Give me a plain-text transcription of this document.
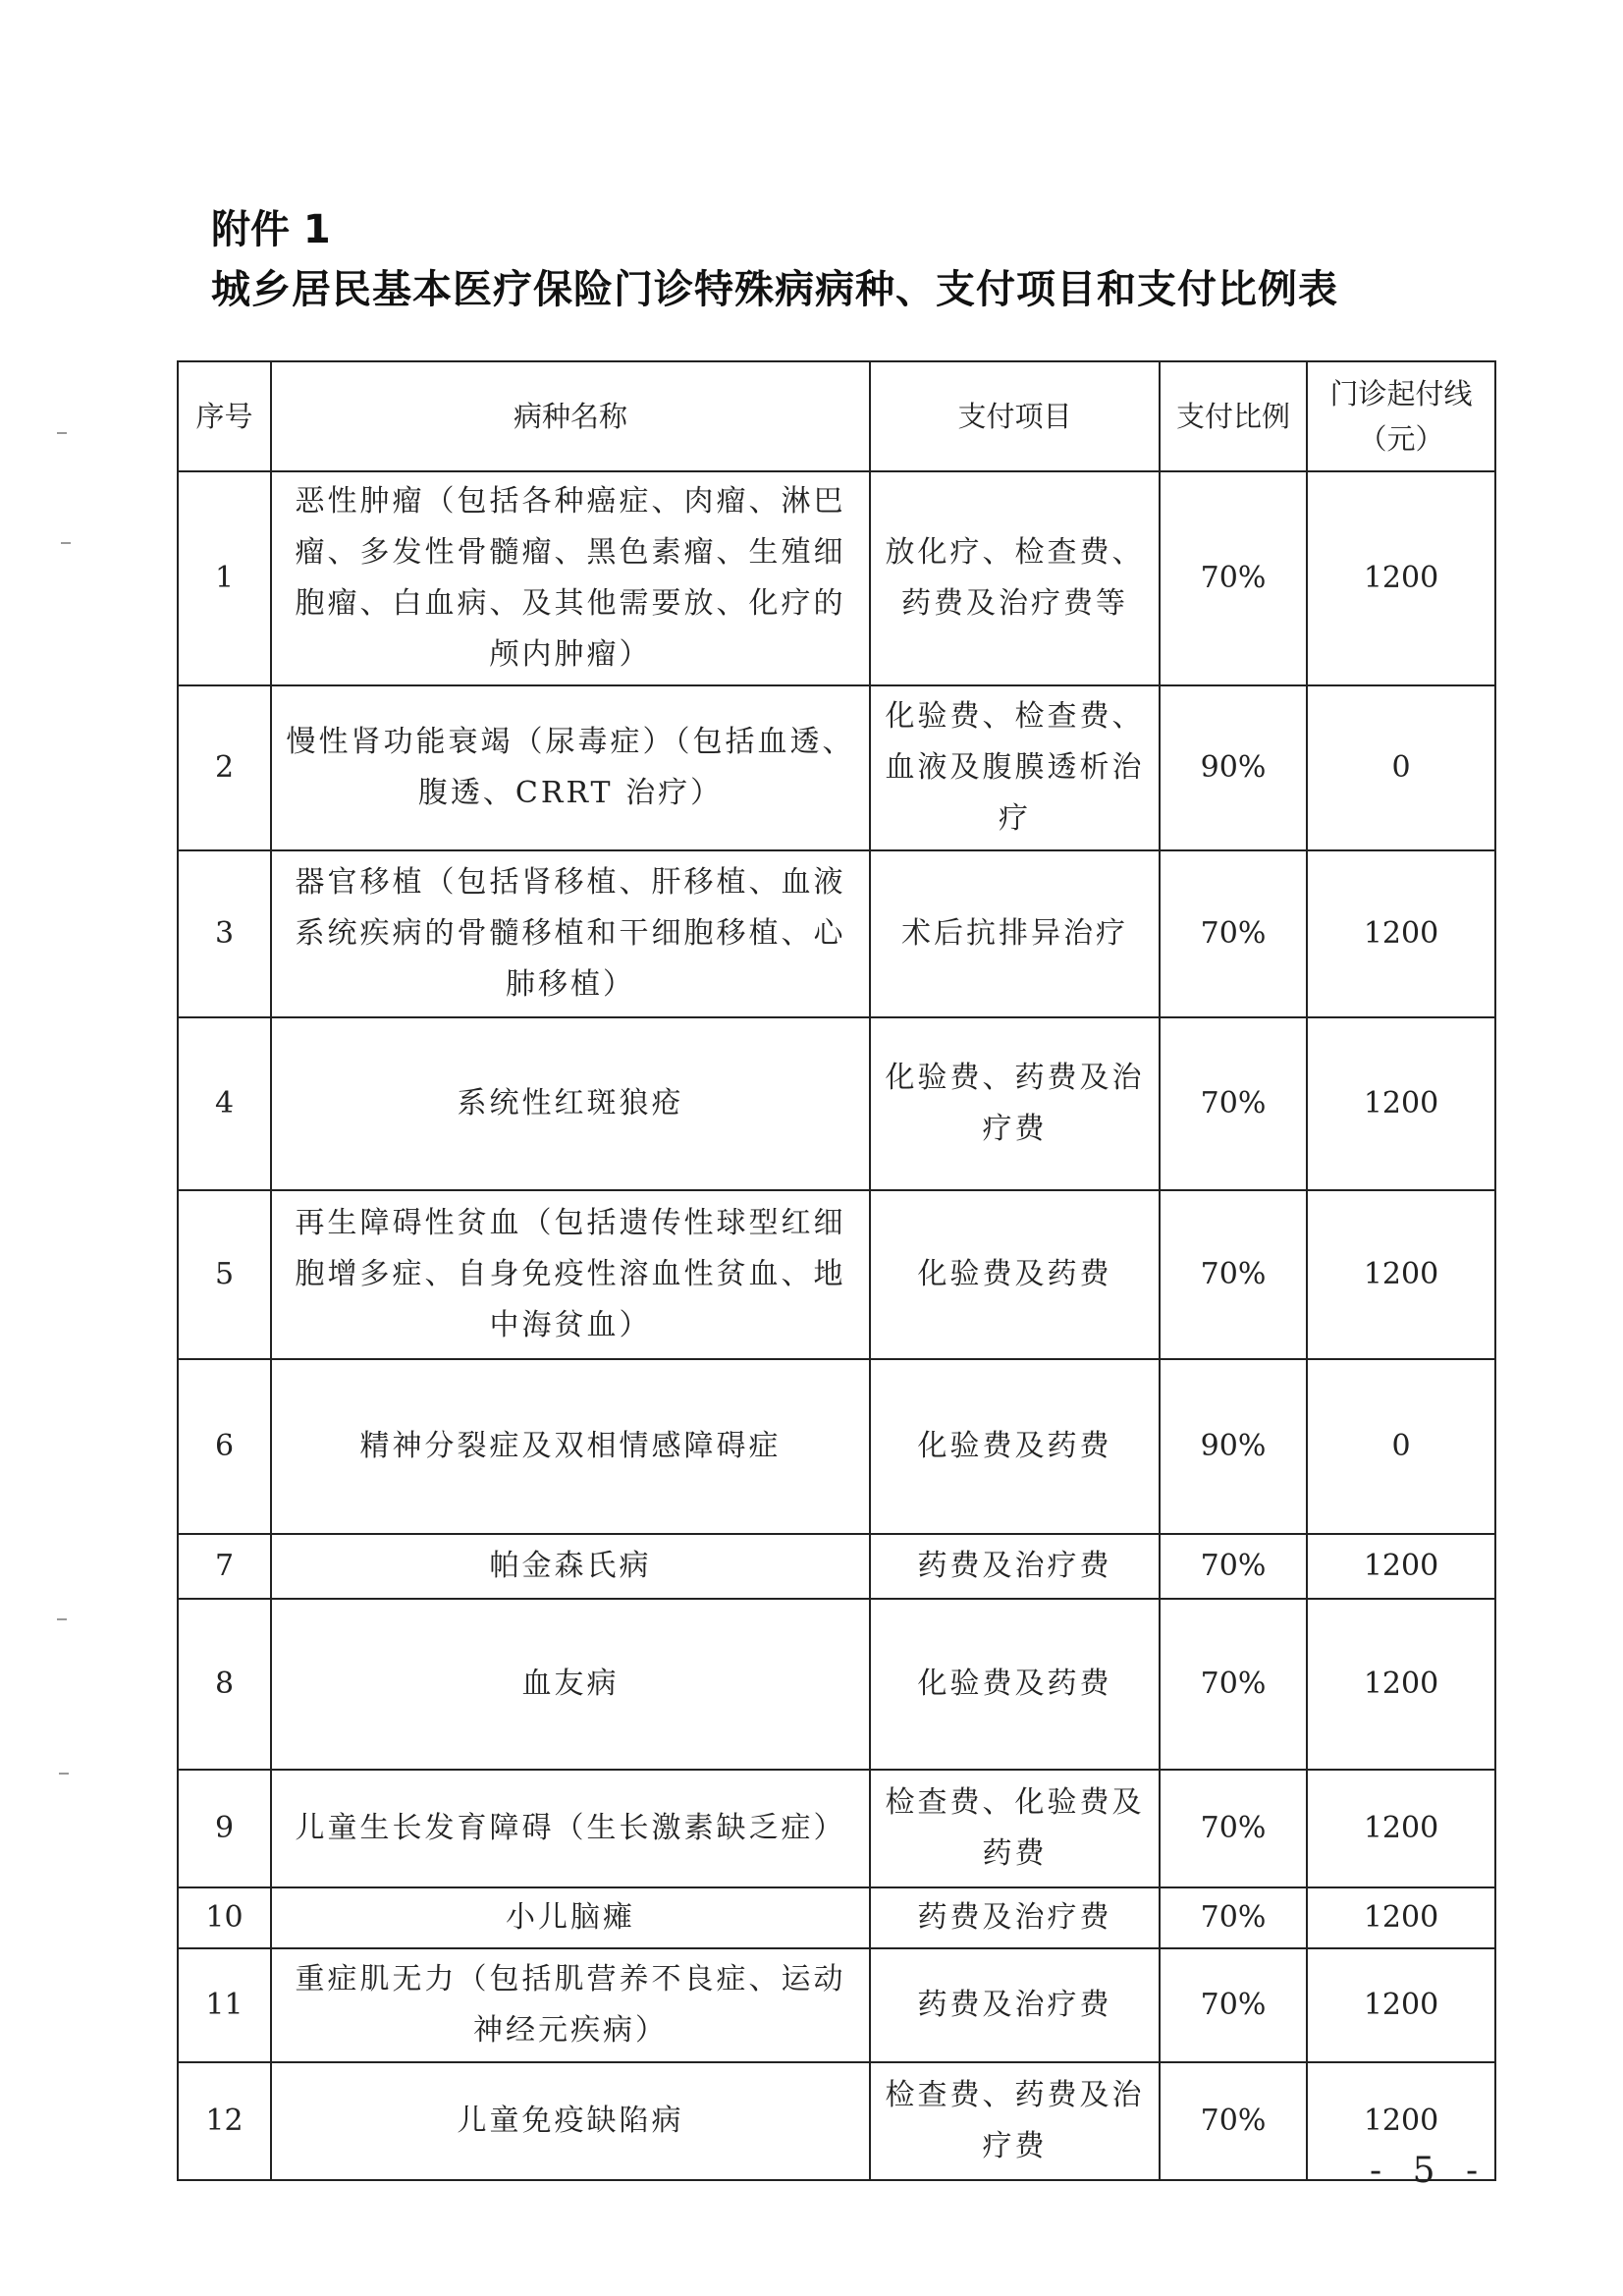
附件 1
城乡居民基本医疗保险门诊特殊病病种、支付项目和支付比例表
序号	病种名称	支付项目	支付比例	门诊起付线（元）
1	恶性肿瘤（包括各种癌症、肉瘤、淋巴瘤、多发性骨髓瘤、黑色素瘤、生殖细胞瘤、白血病、及其他需要放、化疗的颅内肿瘤）	放化疗、检查费、药费及治疗费等	70%	1200
2	慢性肾功能衰竭（尿毒症）（包括血透、腹透、CRRT 治疗）	化验费、检查费、血液及腹膜透析治疗	90%	0
3	器官移植（包括肾移植、肝移植、血液系统疾病的骨髓移植和干细胞移植、心肺移植）	术后抗排异治疗	70%	1200
4	系统性红斑狼疮	化验费、药费及治疗费	70%	1200
5	再生障碍性贫血（包括遗传性球型红细胞增多症、自身免疫性溶血性贫血、地中海贫血）	化验费及药费	70%	1200
6	精神分裂症及双相情感障碍症	化验费及药费	90%	0
7	帕金森氏病	药费及治疗费	70%	1200
8	血友病	化验费及药费	70%	1200
9	儿童生长发育障碍（生长激素缺乏症）	检查费、化验费及药费	70%	1200
10	小儿脑瘫	药费及治疗费	70%	1200
11	重症肌无力（包括肌营养不良症、运动神经元疾病）	药费及治疗费	70%	1200
12	儿童免疫缺陷病	检查费、药费及治疗费	70%	1200
- 5 -
